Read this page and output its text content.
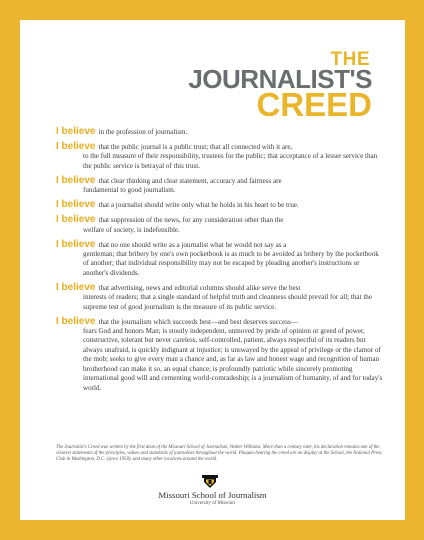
THE
JOURNALIST'S
CREED
I believe in the profession of journalism.
I believe that the public journal is a public trust; that all connected with it are,
to the full measure of their responsibility, trustees for the public; that acceptance of a lesser service than the public service is betrayal of this trust.
I believe that clear thinking and clear statement, accuracy and fairness are
fundamental to good journalism.
I believe that a journalist should write only what he holds in his heart to be true.
I believe that suppression of the news, for any consideration other than the
welfare of society, is indefensible.
I believe that no one should write as a journalist what he would not say as a
gentleman; that bribery by one's own pocketbook is as much to be avoided as bribery by the pocketbook of another; that individual responsibility may not be escaped by pleading another's instructions or another's dividends.
I believe that advertising, news and editorial columns should alike serve the best
interests of readers; that a single standard of helpful truth and cleanness should prevail for all; that the supreme test of good journalism is the measure of its public service.
I believe that the journalism which succeeds best—and best deserves success—
fears God and honors Man; is stoutly independent, unmoved by pride of opinion or greed of power, constructive, tolerant but never careless, self-controlled, patient, always respectful of its readers but always unafraid, is quickly indignant at injustice; is unswayed by the appeal of privilege or the clamor of the mob; seeks to give every man a chance and, as far as law and honest wage and recognition of human brotherhood can make it so, an equal chance; is profoundly patriotic while sincerely promoting international good will and cementing world-comradeship; is a journalism of humanity, of and for today's world.
The Journalist's Creed was written by the first dean of the Missouri School of Journalism, Walter Williams. More than a century later, his declaration remains one of the clearest statements of the principles, values and standards of journalists throughout the world. Plaques bearing the creed are on display at the School, the National Press Club in Washington, D.C. (since 1958), and many other locations around the world.
Missouri School of Journalism
University of Missouri
